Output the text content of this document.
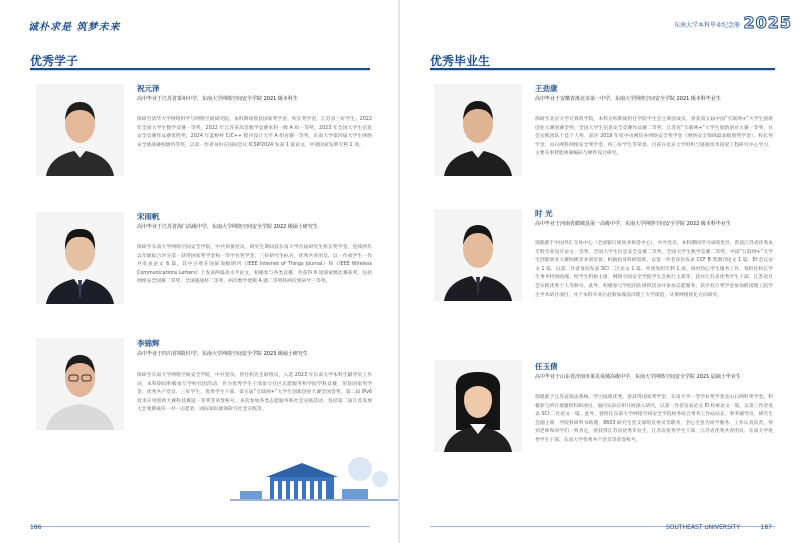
诚朴求是 筑梦未来
优秀学子
祝元泽
高中毕业于江苏省泰州中学，东南大学网络空间安全学院 2021 级本科生
保研至清华大学网络科学与网络空间研究院。本科期间曾获国家奖学金、校长奖学金、江苏省三好学生。2022 年全国大学生数学竞赛一等奖，2022 年江苏省高等数学竞赛本科一级 A 组一等奖，2023 年全国大学生信息安全竞赛作品赛优胜奖，2024 年蓝桥杯 C/C++ 程序设计大学 A 组省赛一等奖。东南大学第四届大学生网络安全挑战赛校级特等奖。以第一作者身份在国际会议 ICSIP2024 发表 1 篇论文，申请国家发明专利 1 项。
宋雨帆
高中毕业于江苏省海门高级中学，东南大学网络空间安全学院 2022 级硕士研究生
保研至东南大学网络空间安全学院，中共预备党员。研究生期间获东南大学首届研究生校长奖学金。连续两年以年级综合评分第一获得国家奖学金和一等学业奖学金，三好研究生标兵，优秀共青团员。以一作或学生一作共发表论文 6 篇，其中分别在国际顶级期刊《IEEE Internet of Things Journal》和《IEEE Wireless Communications Letters》上发表两篇高水平论文，积极参与各类竞赛，共获得 6 项国家级比赛获奖，包括网络安全国赛二等奖、全国挑战杯二等奖，两次数学建模 A 题二等奖和两次密码学三等奖。
李锦辉
高中毕业于四川省绵阳中学，东南大学网络空间安全学院 2023 级硕士研究生
保研至东南大学网络空间安全学院，中共党员。曾任校先生联络员，入选 2023 年东南大学本科生辅导员工作站，本科期间积极参与学校社团活动，作为优秀学生干部参与社区志愿服务和学院学科竞赛，荣获国家奖学金、优秀共产党员、三好学生，优秀学生干部、第五届“互联网+”大学生创新创业大赛全国金奖、第二届 IPv6 技术应用创新大赛科技赛道一等奖等荣誉称号。多次参加各类志愿服务和社会实践活动，包括第二届江苏发展大会暑期嘉宾一对一志愿者、国际知识展领研究社会实践等。
186
东南大学本科毕业纪念册 2025
优秀毕业生
王劲康
高中毕业于安徽省淮北市第一中学，东南大学网络空间安全学院 2021 级本科毕业生
保研至北京大学计算机学院。本科在校期间担任学院学生会主席团成员，曾获第五届中国“互联网+”大学生创新创业大赛国赛金奖、全国大学生信息安全竞赛作品赛二等奖、江苏省“互联网+”大学生创新创业大赛一等奖，社会实践团队十佳个人奖、获评 2019 年度中央网信办网络安全奖学金（网络安全领域最高级别奖学金）、校长奖学金、山石网科网络安全奖学金、校三好学生等荣誉。目前在北京大学组织与链接技术国家工程研究中心学习，主要从事智能视频编码与硬件设计研究。
时 光
高中毕业于河南省鹤城县第一高级中学，东南大学网络空间安全学院 2022 级本科毕业生
现就职于中国外汇交易中心（全国银行间同业拆借中心），中共党员。本科期间学习成绩优异，曾获江苏省优秀本专科毕业设计论文一等奖、全国大学生信息安全竞赛二等奖、全国大学生数学竞赛二等奖、中国“互联网+”大学生创新创业大赛校级等多项荣誉；积极投身科研创新，以第一作者身份发表 CCF B 类期刊论文 1 篇、EI 会议论文 1 篇，以第二作者身份发表 SCI 二区论文 1 篇、申请发明专利 1 项。同时热心学生服务工作，曾担任校长学生事务特别助理、校学生科协主席、网络空间安全学院学生会执行主席等，获评江苏省优秀学生干部、江苏省社会实践优秀个人等称号。此外，积极参与学院团队组织活动并参加志愿服务，获评双万奖学金参加跨国理工院学生学术研讨项目，并于本科毕业后赴新加坡南洋理工大学深造，从事网络优化方向研究。
任玉倩
高中毕业于山东省济南市莱芜凤城高级中学，东南大学网络空间安全学院 2021 届硕士毕业生
现就职于江苏省政法系统。学习成绩优秀，曾获得国家奖学金、东南大学一等学业奖学金及山石网科奖学金。积极参与所在课题组科研项目，面向实际应用开展深入研究，以第一作者发表论文 EI 检索论文一篇，以第三作者发表 SCI 二区论文一篇。此外，曾担任东南大学网络空间安全学院财务综合事务工作站站长、事务辅导员、研究生会副主席、学院科研科书助理、8603 研究生党支部组宣委员等职务，全心全意为同学服务、工作认真负责，得到老师和同学们一致肯定，曾获得江苏省优秀毕业生、江苏省优秀学生干部、江苏省优秀共青团员、东南大学优秀学生干部、东南大学优秀共产党员等荣誉称号。
SOUTHEAST UNIVERSITY	187
